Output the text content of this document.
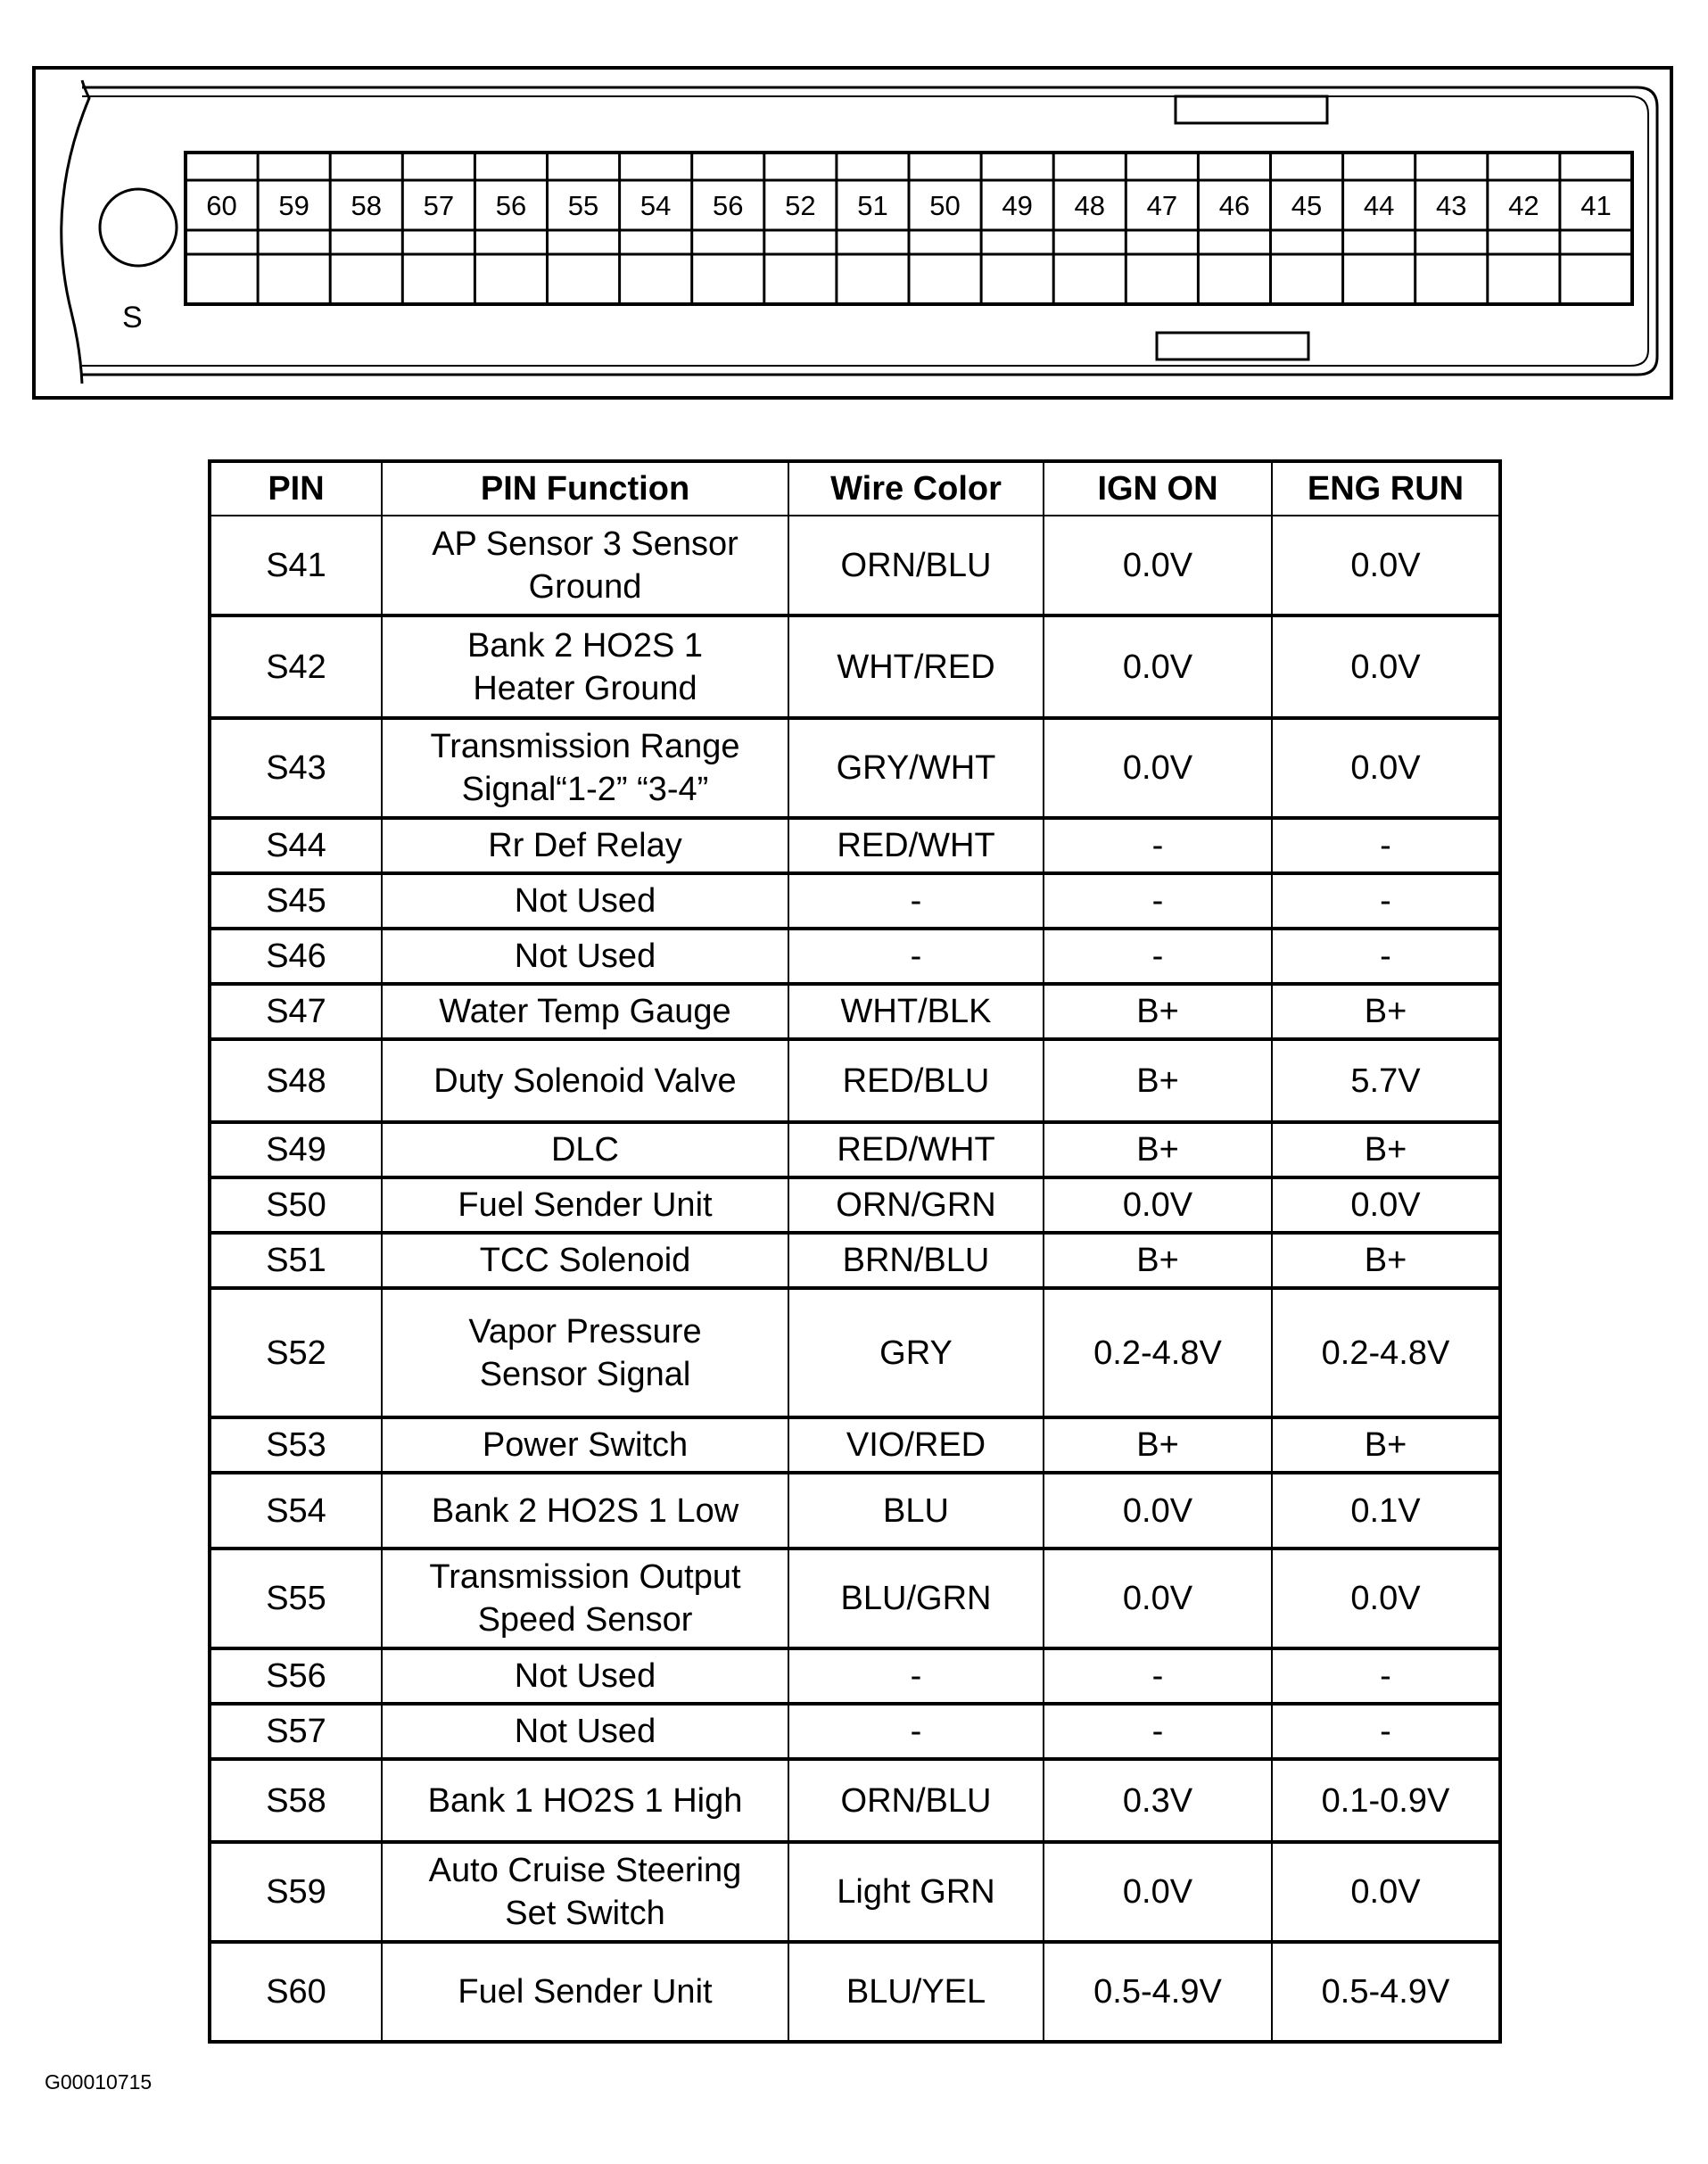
S
60 59 58 57 56 55 54 56 52 51 50 49 48 47 46 45 44 43 42 41
PIN	PIN Function	Wire Color	IGN ON	ENG RUN
S41	AP Sensor 3 Sensor
Ground	ORN/BLU	0.0V	0.0V
S42	Bank 2 HO2S 1
Heater Ground	WHT/RED	0.0V	0.0V
S43	Transmission Range
Signal“1-2” “3-4”	GRY/WHT	0.0V	0.0V
S44	Rr Def Relay	RED/WHT	-	-
S45	Not Used	-	-	-
S46	Not Used	-	-	-
S47	Water Temp Gauge	WHT/BLK	B+	B+
S48	Duty Solenoid Valve	RED/BLU	B+	5.7V
S49	DLC	RED/WHT	B+	B+
S50	Fuel Sender Unit	ORN/GRN	0.0V	0.0V
S51	TCC Solenoid	BRN/BLU	B+	B+
S52	Vapor Pressure
Sensor Signal	GRY	0.2-4.8V	0.2-4.8V
S53	Power Switch	VIO/RED	B+	B+
S54	Bank 2 HO2S 1 Low	BLU	0.0V	0.1V
S55	Transmission Output
Speed Sensor	BLU/GRN	0.0V	0.0V
S56	Not Used	-	-	-
S57	Not Used	-	-	-
S58	Bank 1 HO2S 1 High	ORN/BLU	0.3V	0.1-0.9V
S59	Auto Cruise Steering
Set Switch	Light GRN	0.0V	0.0V
S60	Fuel Sender Unit	BLU/YEL	0.5-4.9V	0.5-4.9V
G00010715
